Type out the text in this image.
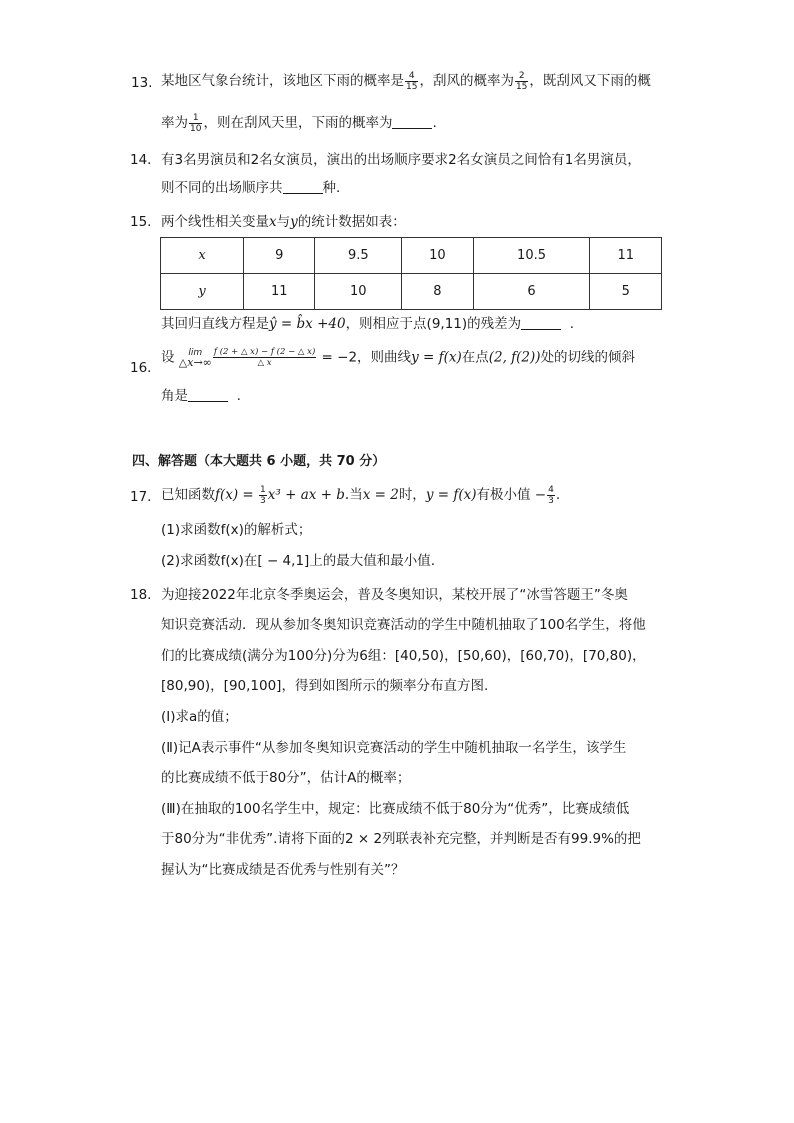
13. 某地区气象台统计，该地区下雨的概率是 $\frac{4}{15}$ ，刮风的概率为 $\frac{2}{15}$ ，既刮风又下雨的概
率为 $\frac{1}{10}$ ，则在刮风天里，下雨的概率为	.
14. 有3名男演员和2名女演员，演出的出场顺序要求2名女演员之间恰有1名男演员，
则不同的出场顺序共	种.
15. 两个线性相关变量x与y的统计数据如表：
x	9	9.5	10	10.5	11
y	11	10	8	6	5
其回归直线方程是ŷ = b̂x +40，则相应于点(9,11)的残差为	.
16.
设	lim
△x→∞ $\frac{f (2 + \triangle x) - f (2 - \triangle x)}{\triangle x} = -2$，则曲线y = f(x)在点(2, f(2))处的切线的倾斜
角是	.
四、解答题（本大题共 6 小题，共 70 分）
17. 已知函数$f(x) = \frac{1}{3} x^3$ + ax + b.当x = 2时，y = f(x)有极小值 − $\frac{4}{3}$ .
(1)求函数f(x)的解析式；
(2)求函数f(x)在[ − 4,1]上的最大值和最小值.
18. 为迎接2022年北京冬季奥运会，普及冬奥知识，某校开展了“冰雪答题王”冬奥
知识竞赛活动．现从参加冬奥知识竞赛活动的学生中随机抽取了100名学生，将他
们的比赛成绩(满分为100分)分为6组：[40,50)，[50,60)，[60,70)，[70,80)，
[80,90)，[90,100]，得到如图所示的频率分布直方图.
(Ⅰ)求a的值；
(Ⅱ)记A表示事件“从参加冬奥知识竞赛活动的学生中随机抽取一名学生，该学生
的比赛成绩不低于80分”，估计A的概率；
(Ⅲ)在抽取的100名学生中，规定：比赛成绩不低于80分为“优秀”，比赛成绩低
于80分为“非优秀”.请将下面的2 × 2列联表补充完整，并判断是否有99.9%的把
握认为“比赛成绩是否优秀与性别有关”？
